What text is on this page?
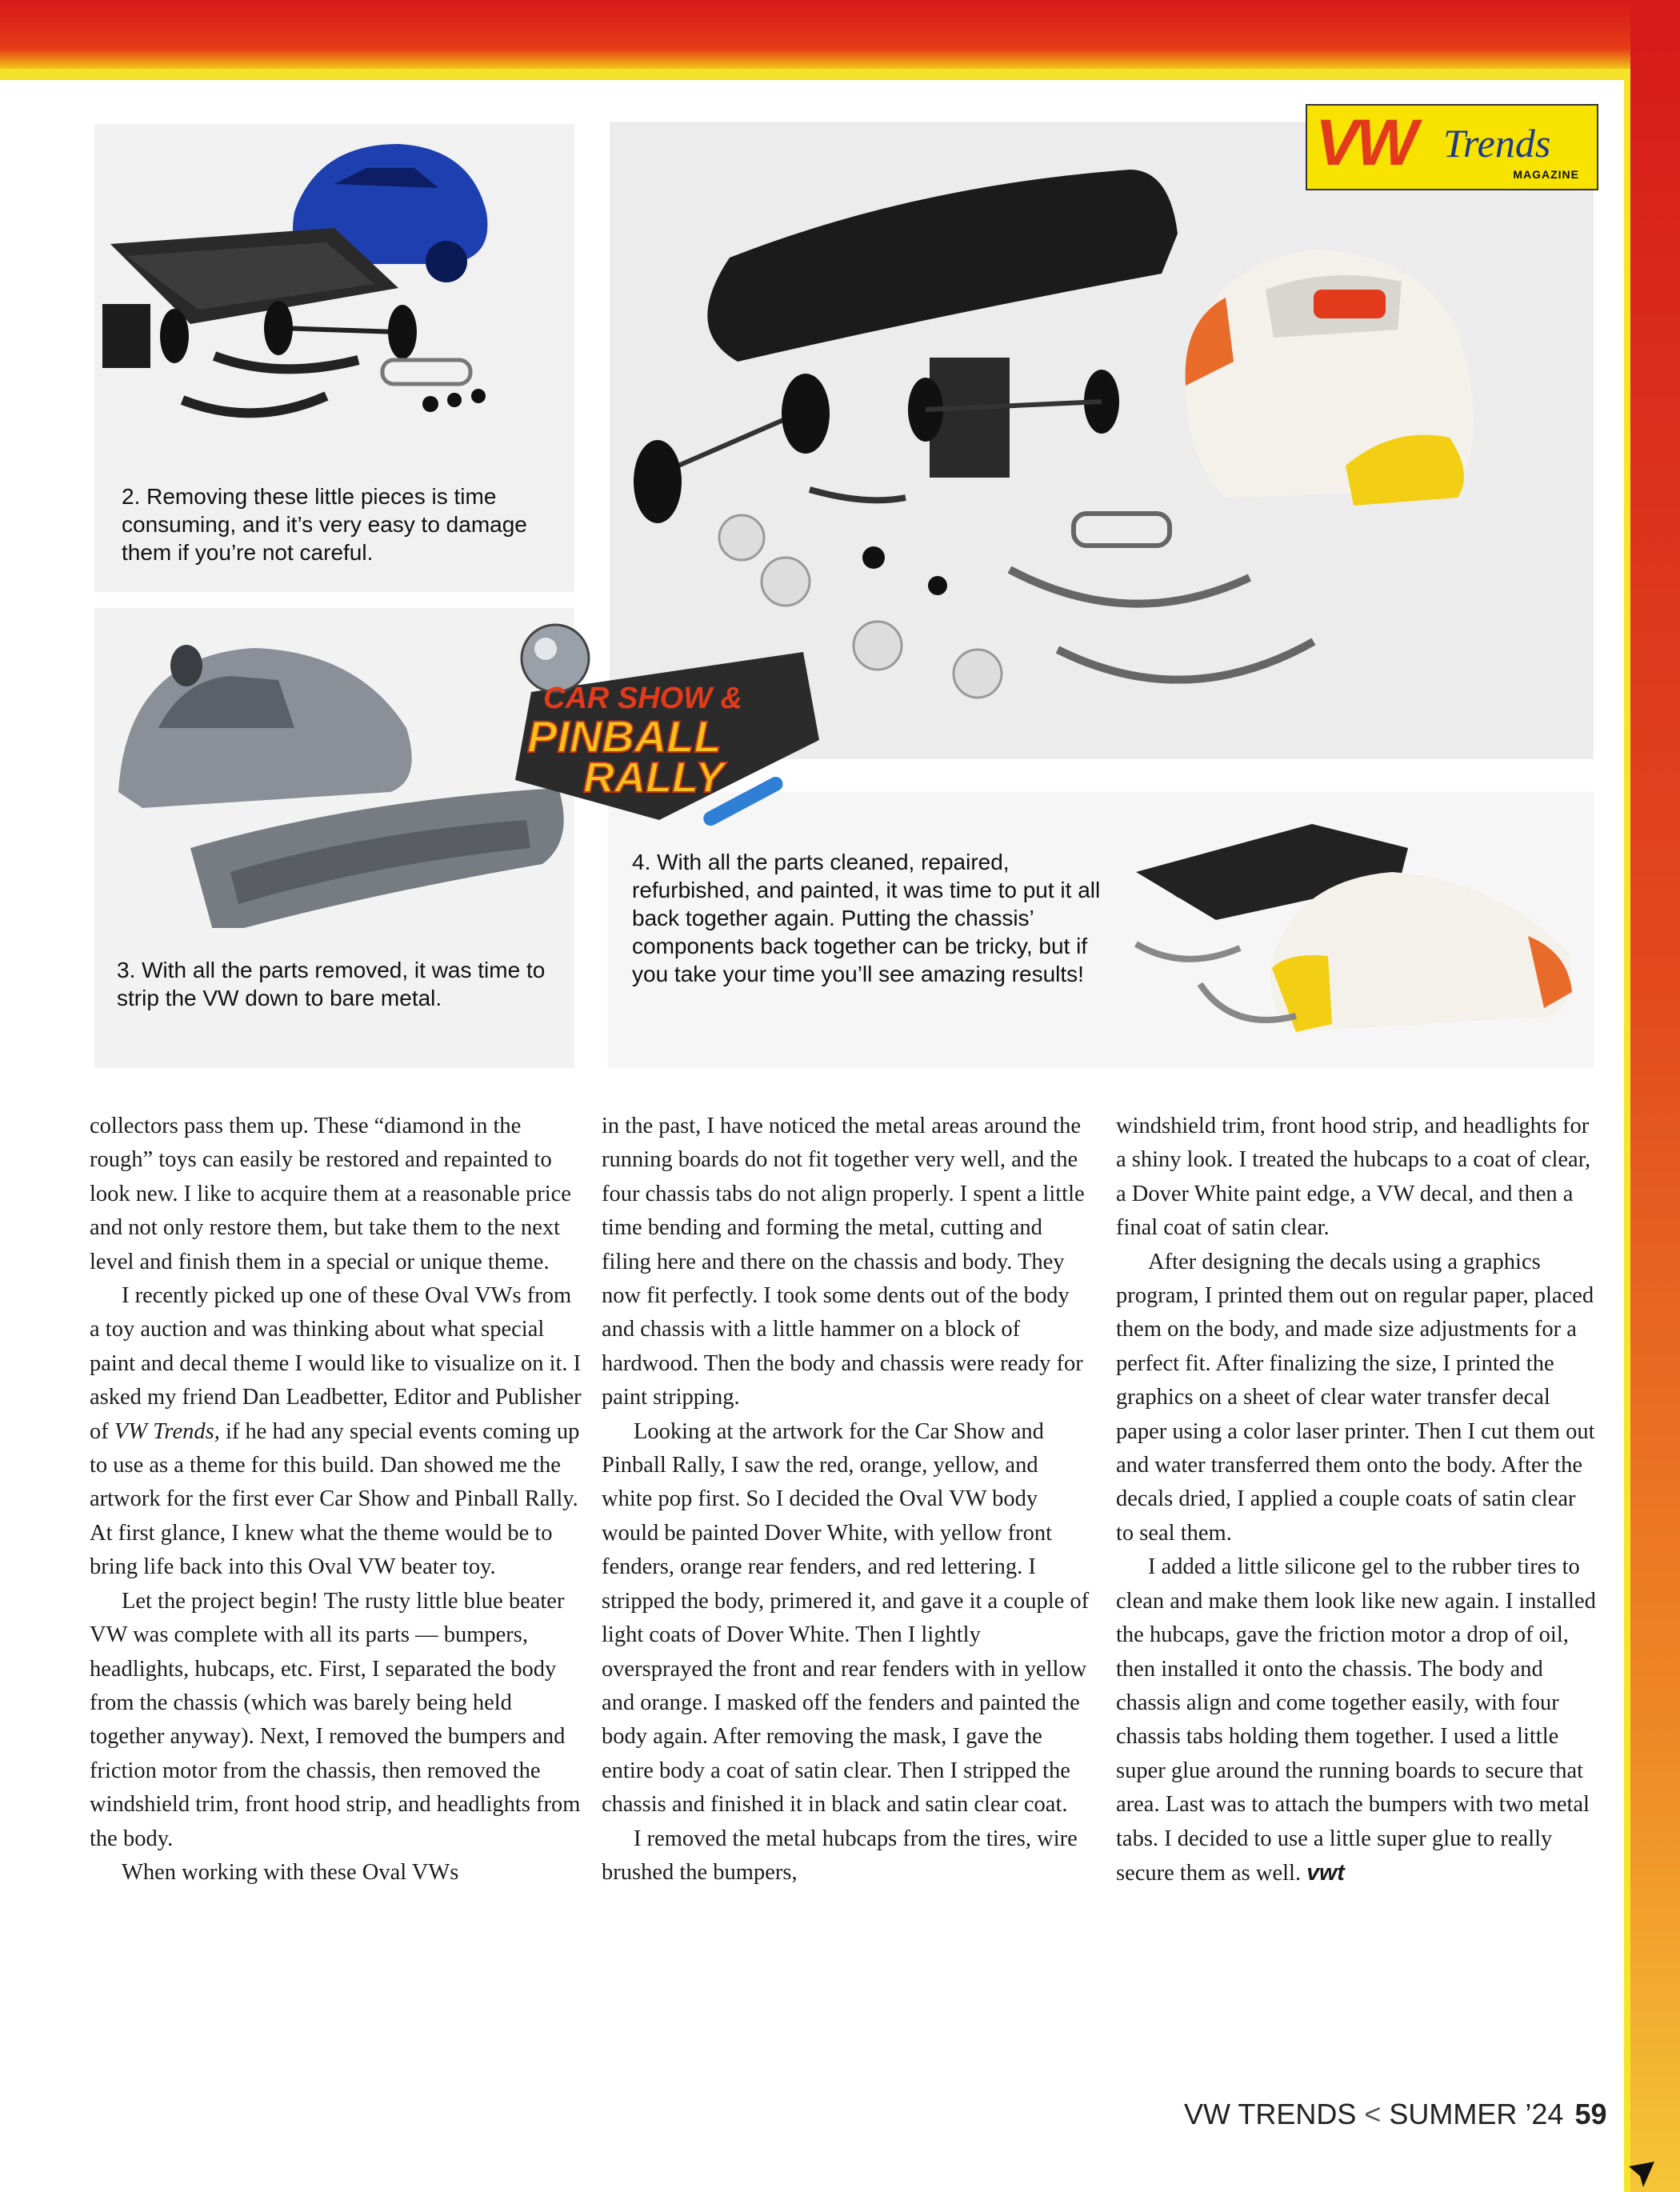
2. Removing these little pieces is time consuming, and it’s very easy to damage them if you’re not careful.
3. With all the parts removed, it was time to strip the VW down to bare metal.
4. With all the parts cleaned, repaired, refurbished, and painted, it was time to put it all back together again. Putting the chassis’ components back together can be tricky, but if you take your time you’ll see amazing results!
VW Trends
MAGAZINE
CAR SHOW &
PINBALL
RALLY

collectors pass them up. These “diamond in the rough” toys can easily be restored and repainted to look new. I like to acquire them at a reasonable price and not only restore them, but take them to the next level and finish them in a special or unique theme.

I recently picked up one of these Oval VWs from a toy auction and was thinking about what special paint and decal theme I would like to visualize on it. I asked my friend Dan Leadbetter, Editor and Publisher of VW Trends, if he had any special events coming up to use as a theme for this build. Dan showed me the artwork for the first ever Car Show and Pinball Rally. At first glance, I knew what the theme would be to bring life back into this Oval VW beater toy.

Let the project begin! The rusty little blue beater VW was complete with all its parts — bumpers, headlights, hubcaps, etc. First, I separated the body from the chassis (which was barely being held together anyway). Next, I removed the bumpers and friction motor from the chassis, then removed the windshield trim, front hood strip, and headlights from the body.

When working with these Oval VWs

in the past, I have noticed the metal areas around the running boards do not fit together very well, and the four chassis tabs do not align properly. I spent a little time bending and forming the metal, cutting and filing here and there on the chassis and body. They now fit perfectly. I took some dents out of the body and chassis with a little hammer on a block of hardwood. Then the body and chassis were ready for paint stripping.

Looking at the artwork for the Car Show and Pinball Rally, I saw the red, orange, yellow, and white pop first. So I decided the Oval VW body would be painted Dover White, with yellow front fenders, orange rear fenders, and red lettering. I stripped the body, primered it, and gave it a couple of light coats of Dover White. Then I lightly oversprayed the front and rear fenders with in yellow and orange. I masked off the fenders and painted the body again. After removing the mask, I gave the entire body a coat of satin clear. Then I stripped the chassis and finished it in black and satin clear coat.

I removed the metal hubcaps from the tires, wire brushed the bumpers,

windshield trim, front hood strip, and headlights for a shiny look. I treated the hubcaps to a coat of clear, a Dover White paint edge, a VW decal, and then a final coat of satin clear.

After designing the decals using a graphics program, I printed them out on regular paper, placed them on the body, and made size adjustments for a perfect fit. After finalizing the size, I printed the graphics on a sheet of clear water transfer decal paper using a color laser printer. Then I cut them out and water transferred them onto the body. After the decals dried, I applied a couple coats of satin clear to seal them.

I added a little silicone gel to the rubber tires to clean and make them look like new again. I installed the hubcaps, gave the friction motor a drop of oil, then installed it onto the chassis. The body and chassis align and come together easily, with four chassis tabs holding them together. I used a little super glue around the running boards to secure that area. Last was to attach the bumpers with two metal tabs. I decided to use a little super glue to really secure them as well. vwt

VW TRENDS < SUMMER ’24 59
